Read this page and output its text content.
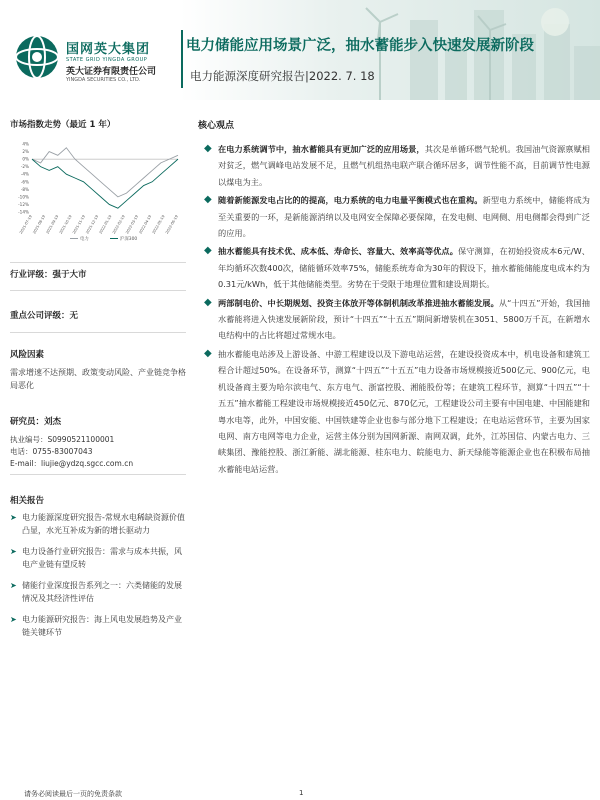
国网英大集团
STATE GRID YINGDA GROUP
英大证券有限责任公司
YINGDA SECURITIES CO., LTD.
电力储能应用场景广泛，抽水蓄能步入快速发展新阶段
电力能源深度研究报告|2022. 7. 18
市场指数走势（最近 1 年）
4%
2%
0%
-2%
-4%
-6%
-8%
-10%
-12%
-14%
2021-07-19 2021-08-19 2021-09-19 2021-10-19 2021-11-19 2021-12-19 2022-01-19 2022-02-19 2022-03-19 2022-04-19 2022-05-19 2022-06-19
电力	沪深300
行业评级：强于大市
重点公司评级：无
风险因素
需求增速不达预期、政策变动风险、产业链竞争格局恶化
研究员：刘杰
执业编号：S0990521100001
电话：0755-83007043
E-mail：liujie@ydzq.sgcc.com.cn
相关报告
➤ 电力能源深度研究报告-常规水电稀缺资源价值凸显，水光互补成为新的增长驱动力
➤ 电力设备行业研究报告：需求与成本共振，风电产业链有望反转
➤ 储能行业深度报告系列之一：六类储能的发展情况及其经济性评估
➤ 电力能源研究报告：海上风电发展趋势及产业链关键环节
核心观点
◆ 在电力系统调节中，抽水蓄能具有更加广泛的应用场景，其次是单循环燃气轮机。我国油气资源禀赋相对贫乏，燃气调峰电站发展不足，且燃气机组热电联产联合循环居多，调节性能不高，目前调节性电源以煤电为主。
◆ 随着新能源发电占比的的提高，电力系统的电力电量平衡模式也在重构。新型电力系统中，储能将成为至关重要的一环，是新能源消纳以及电网安全保障必要保障，在发电侧、电网侧、用电侧都会得到广泛的应用。
◆ 抽水蓄能具有技术优、成本低、寿命长、容量大、效率高等优点。保守测算，在初始投资成本6元/W、年均循环次数400次，储能循环效率75%，储能系统寿命为30年的假设下，抽水蓄能储能度电成本约为0.31元/kWh，低于其他储能类型。劣势在于受限于地理位置和建设周期长。
◆ 两部制电价、中长期规划、投资主体放开等体制机制改革推进抽水蓄能发展。从“十四五”开始，我国抽水蓄能将进入快速发展新阶段，预计“十四五”“十五五”期间新增装机在3051、5800万千瓦，在新增水电结构中的占比将超过常规水电。
◆ 抽水蓄能电站涉及上游设备、中游工程建设以及下游电站运营，在建设投资成本中，机电设备和建筑工程合计超过50%。在设备环节，测算“十四五”“十五五”电力设备市场规模接近500亿元、900亿元，电机设备商主要为哈尔滨电气、东方电气、浙富控股、湘能股份等；在建筑工程环节，测算“十四五”“十五五”抽水蓄能工程建设市场规模接近450亿元、870亿元，工程建设公司主要有中国电建、中国能建和粤水电等，此外，中国安能、中国铁建等企业也参与部分地下工程建设；在电站运营环节，主要为国家电网、南方电网等电力企业，运营主体分别为国网新源、南网双调，此外，江苏国信、内蒙古电力、三峡集团、豫能控股、浙江新能、湖北能源、桂东电力、皖能电力、新天绿能等能源企业也在积极布局抽水蓄能电站运营。
请务必阅读最后一页的免责条款	1
